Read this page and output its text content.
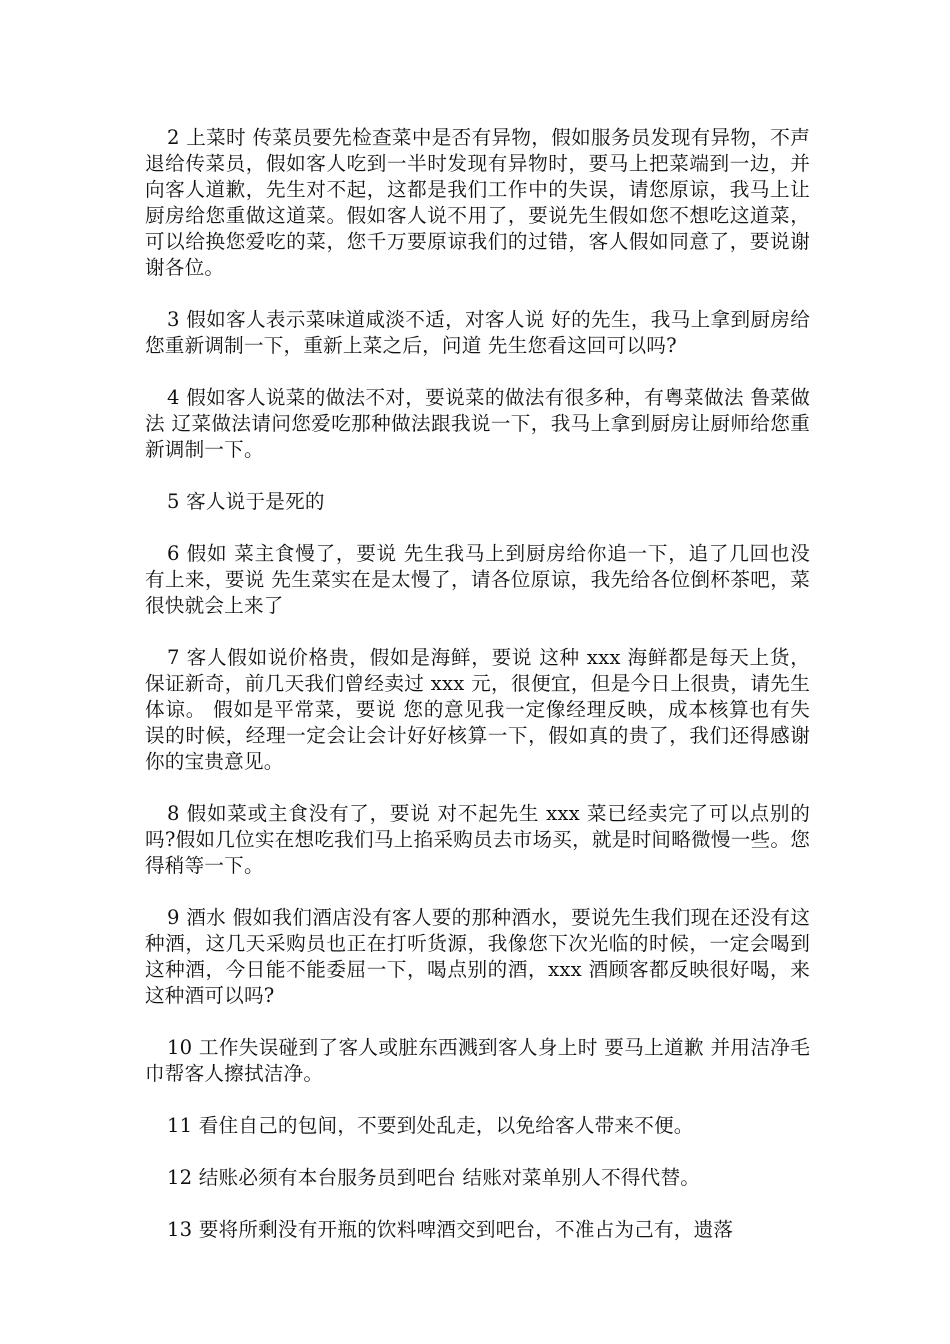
2 上菜时 传菜员要先检查菜中是否有异物，假如服务员发现有异物，不声退给传菜员，假如客人吃到一半时发现有异物时，要马上把菜端到一边，并向客人道歉，先生对不起，这都是我们工作中的失误，请您原谅，我马上让厨房给您重做这道菜。假如客人说不用了，要说先生假如您不想吃这道菜，可以给换您爱吃的菜，您千万要原谅我们的过错，客人假如同意了，要说谢谢各位。

3 假如客人表示菜味道咸淡不适，对客人说 好的先生，我马上拿到厨房给您重新调制一下，重新上菜之后，问道 先生您看这回可以吗?

4 假如客人说菜的做法不对，要说菜的做法有很多种，有粤菜做法 鲁菜做法 辽菜做法请问您爱吃那种做法跟我说一下，我马上拿到厨房让厨师给您重新调制一下。

5 客人说于是死的

6 假如 菜主食慢了，要说 先生我马上到厨房给你追一下，追了几回也没有上来，要说 先生菜实在是太慢了，请各位原谅，我先给各位倒杯茶吧，菜很快就会上来了

7 客人假如说价格贵，假如是海鲜，要说 这种 xxx 海鲜都是每天上货，保证新奇，前几天我们曾经卖过 xxx 元，很便宜，但是今日上很贵，请先生体谅。 假如是平常菜，要说 您的意见我一定像经理反映，成本核算也有失误的时候，经理一定会让会计好好核算一下，假如真的贵了，我们还得感谢你的宝贵意见。

8 假如菜或主食没有了，要说 对不起先生 xxx 菜已经卖完了可以点别的吗?假如几位实在想吃我们马上掐采购员去市场买，就是时间略微慢一些。您得稍等一下。

9 酒水 假如我们酒店没有客人要的那种酒水，要说先生我们现在还没有这种酒，这几天采购员也正在打听货源，我像您下次光临的时候，一定会喝到这种酒，今日能不能委屈一下，喝点别的酒，xxx 酒顾客都反映很好喝，来这种酒可以吗?

10 工作失误碰到了客人或脏东西溅到客人身上时 要马上道歉 并用洁净毛巾帮客人擦拭洁净。

11 看住自己的包间，不要到处乱走，以免给客人带来不便。

12 结账必须有本台服务员到吧台 结账对菜单别人不得代替。

13 要将所剩没有开瓶的饮料啤酒交到吧台，不准占为己有，遗落
